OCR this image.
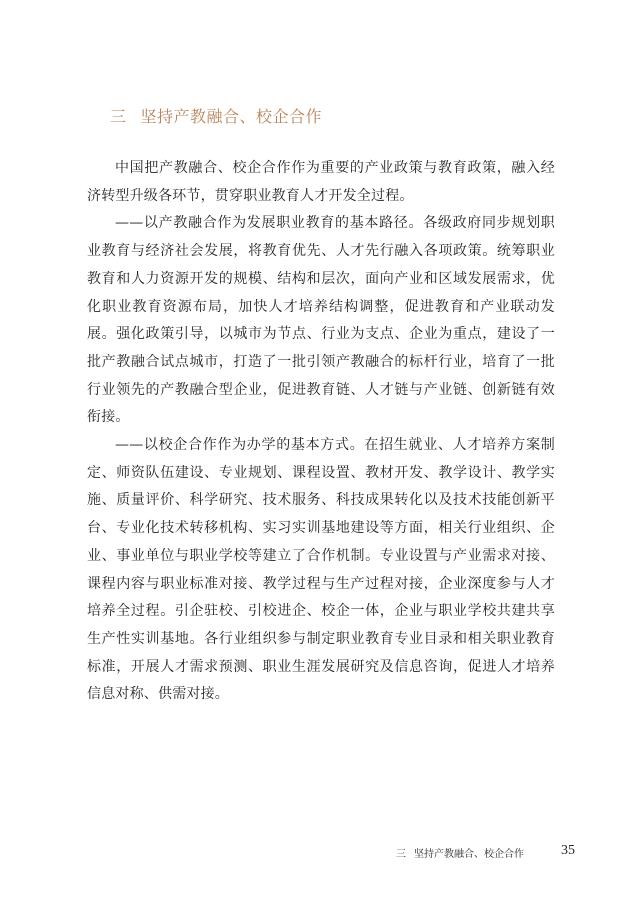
三 坚持产教融合、校企合作

中国把产教融合、校企合作作为重要的产业政策与教育政策，融入经济转型升级各环节，贯穿职业教育人才开发全过程。

——以产教融合作为发展职业教育的基本路径。各级政府同步规划职业教育与经济社会发展，将教育优先、人才先行融入各项政策。统筹职业教育和人力资源开发的规模、结构和层次，面向产业和区域发展需求，优化职业教育资源布局，加快人才培养结构调整，促进教育和产业联动发展。强化政策引导，以城市为节点、行业为支点、企业为重点，建设了一批产教融合试点城市，打造了一批引领产教融合的标杆行业，培育了一批行业领先的产教融合型企业，促进教育链、人才链与产业链、创新链有效衔接。

——以校企合作作为办学的基本方式。在招生就业、人才培养方案制定、师资队伍建设、专业规划、课程设置、教材开发、教学设计、教学实施、质量评价、科学研究、技术服务、科技成果转化以及技术技能创新平台、专业化技术转移机构、实习实训基地建设等方面，相关行业组织、企业、事业单位与职业学校等建立了合作机制。专业设置与产业需求对接、课程内容与职业标准对接、教学过程与生产过程对接，企业深度参与人才培养全过程。引企驻校、引校进企、校企一体，企业与职业学校共建共享生产性实训基地。各行业组织参与制定职业教育专业目录和相关职业教育标准，开展人才需求预测、职业生涯发展研究及信息咨询，促进人才培养信息对称、供需对接。

三 坚持产教融合、校企合作	35
